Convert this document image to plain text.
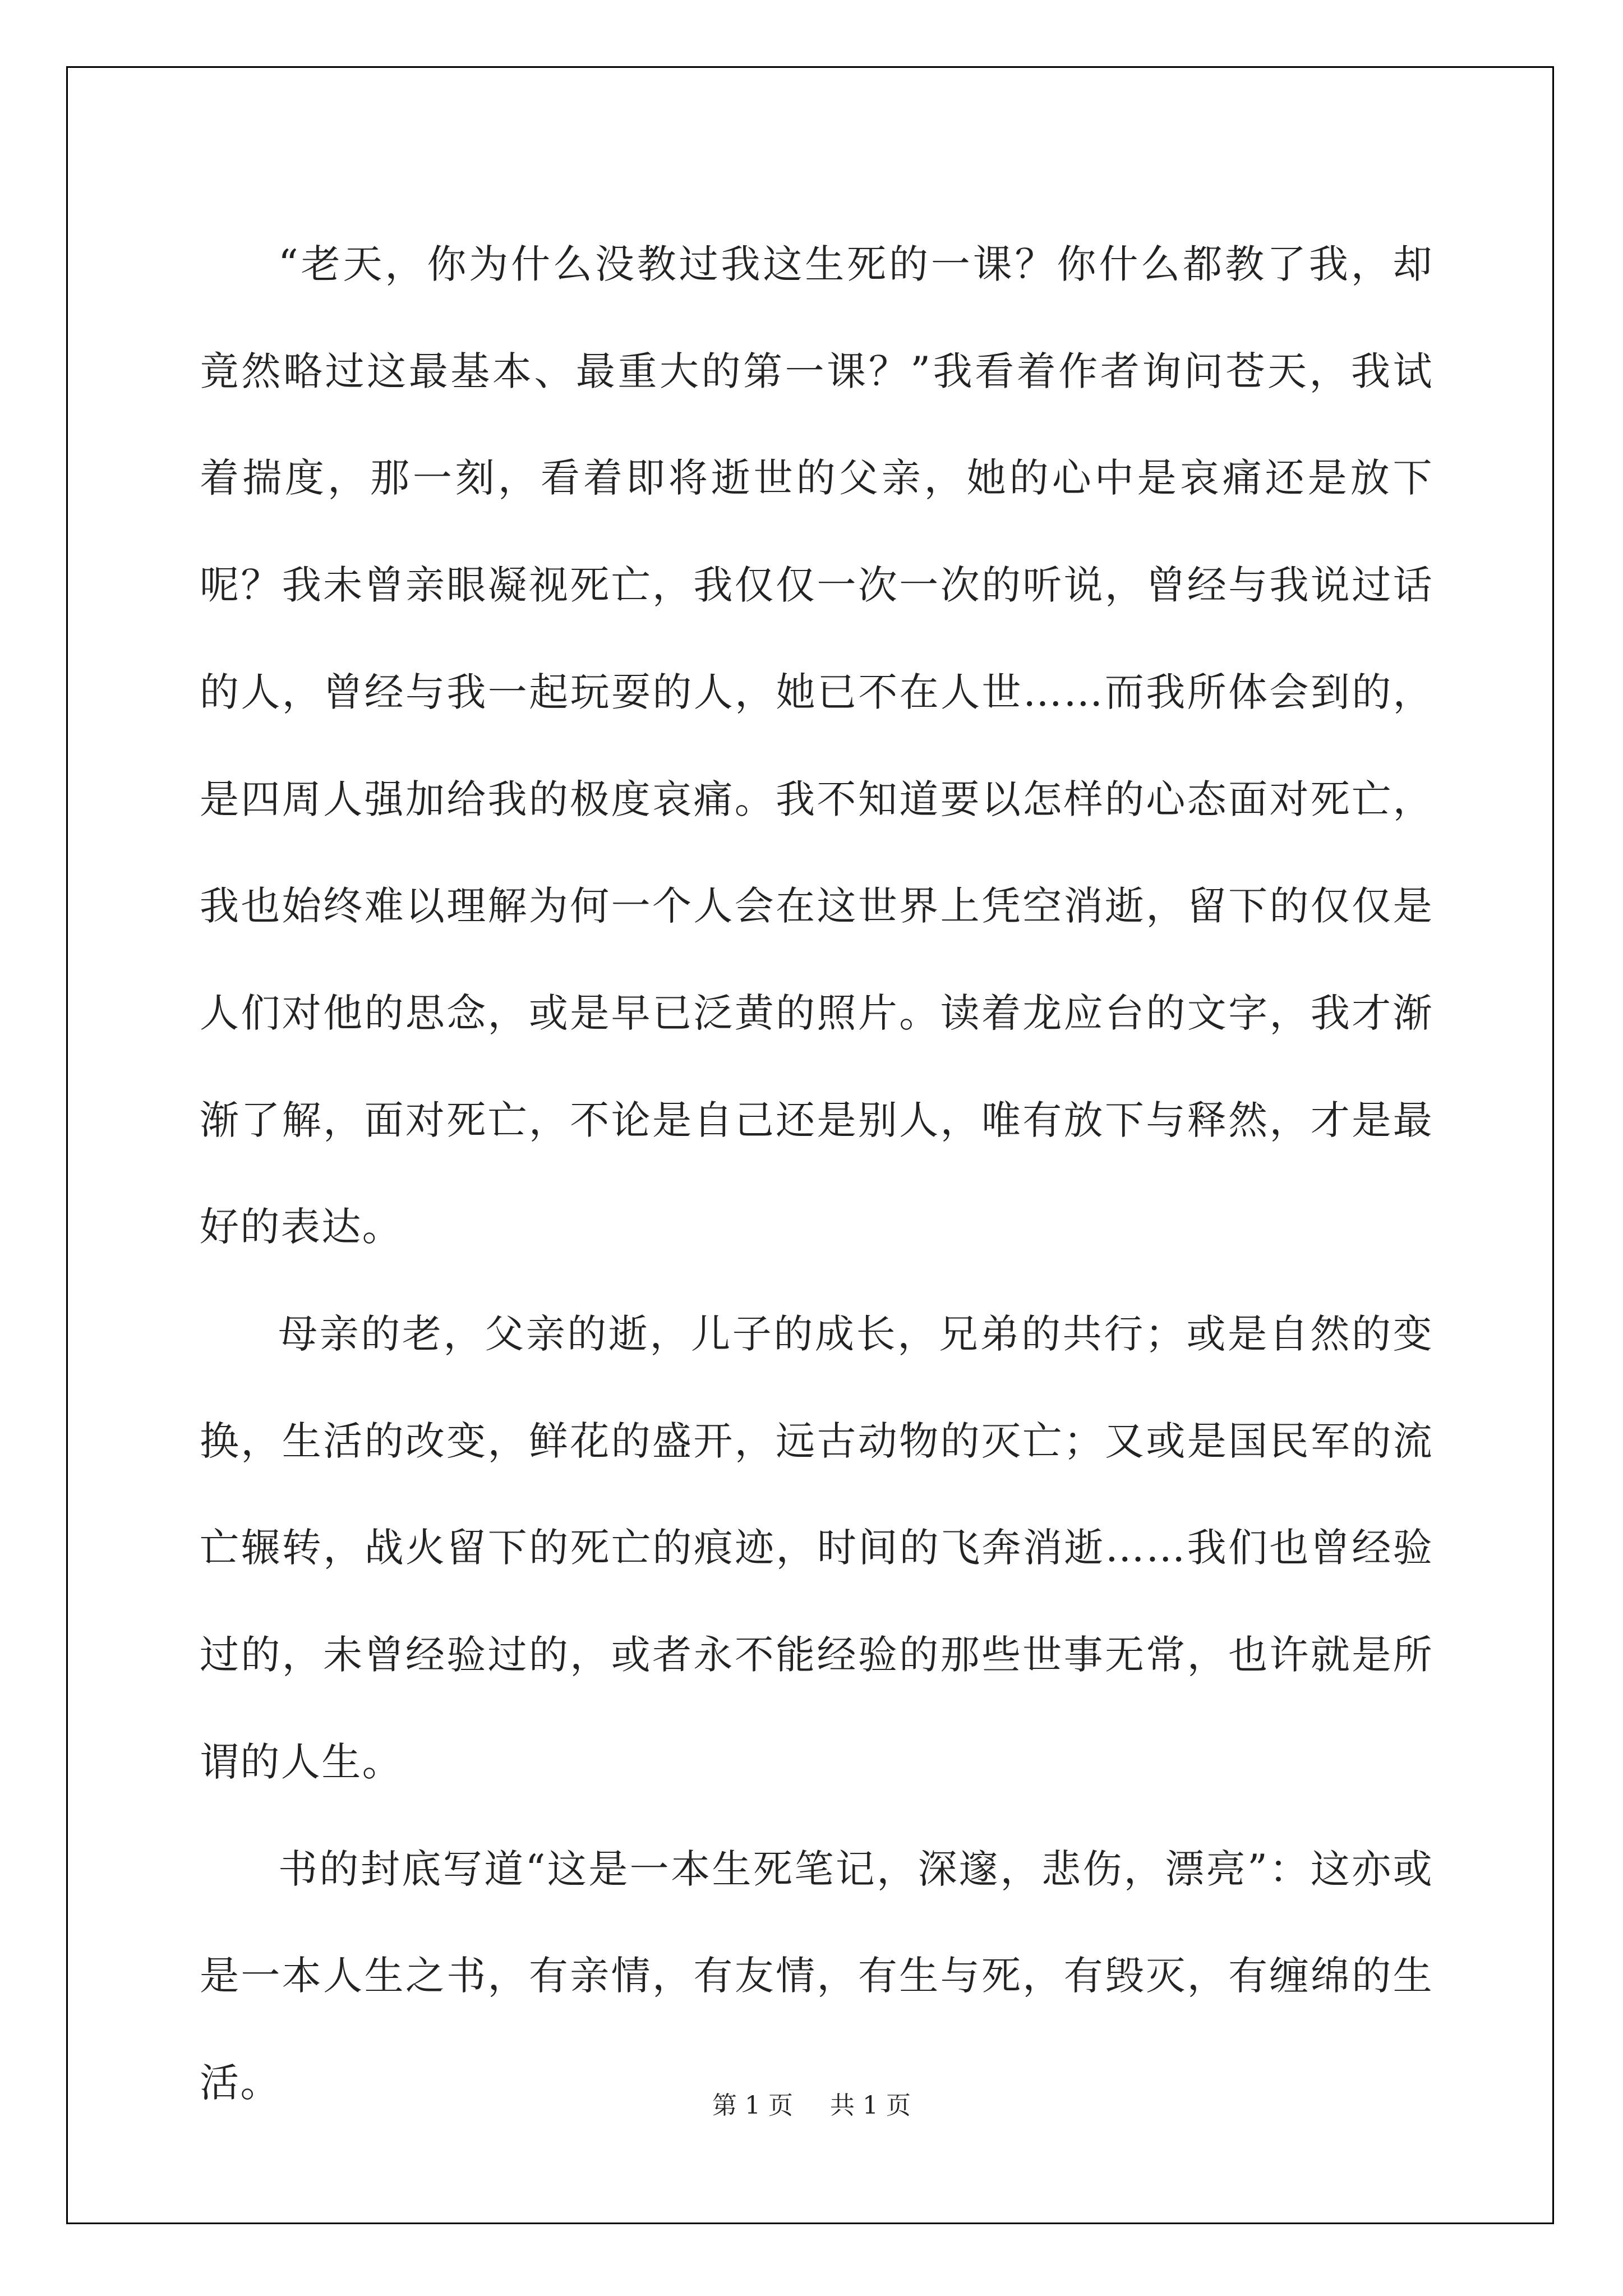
“老天，你为什么没教过我这生死的一课？你什么都教了我，却竟然略过这最基本、最重大的第一课？”我看着作者询问苍天，我试着揣度，那一刻，看着即将逝世的父亲，她的心中是哀痛还是放下呢？我未曾亲眼凝视死亡，我仅仅一次一次的听说，曾经与我说过话的人，曾经与我一起玩耍的人，她已不在人世……而我所体会到的，是四周人强加给我的极度哀痛。我不知道要以怎样的心态面对死亡，我也始终难以理解为何一个人会在这世界上凭空消逝，留下的仅仅是人们对他的思念，或是早已泛黄的照片。读着龙应台的文字，我才渐渐了解，面对死亡，不论是自己还是别人，唯有放下与释然，才是最好的表达。

母亲的老，父亲的逝，儿子的成长，兄弟的共行；或是自然的变换，生活的改变，鲜花的盛开，远古动物的灭亡；又或是国民军的流亡辗转，战火留下的死亡的痕迹，时间的飞奔消逝……我们也曾经验过的，未曾经验过的，或者永不能经验的那些世事无常，也许就是所谓的人生。

书的封底写道“这是一本生死笔记，深邃，悲伤，漂亮”：这亦或是一本人生之书，有亲情，有友情，有生与死，有毁灭，有缠绵的生活。	第 1 页 共 1 页
